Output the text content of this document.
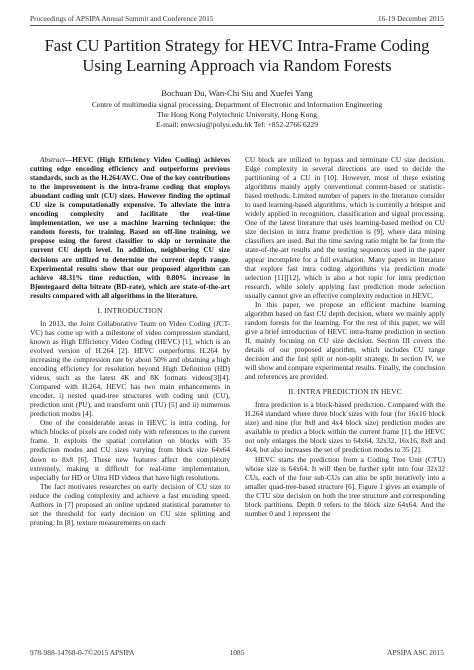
Proceedings of APSIPA Annual Summit and Conference 2015	16-19 December 2015
Fast CU Partition Strategy for HEVC Intra-Frame Coding
Using Learning Approach via Random Forests
Bochuan Du, Wan-Chi Siu and Xuefei Yang
Centre of multimedia signal processing, Department of Electronic and Information Engineering
The Hong Kong Polytechnic University, Hong Kong
E-mail: enwcsiu@polyu.edu.hk Tel: +852-2766 6229

Abstract—HEVC (High Efficiency Video Coding) achieves cutting edge encoding efficiency and outperforms previous standards, such as the H.264/AVC. One of the key contributions to the improvement is the intra-frame coding that employs abundant coding unit (CU) sizes. However finding the optimal CU size is computationally expensive. To alleviate the intra encoding complexity and facilitate the real-time implementation, we use a machine learning technique: the random forests, for training. Based on off-line training, we propose using the forest classifier to skip or terminate the current CU depth level. In addition, neighboring CU size decisions are utilized to determine the current depth range. Experimental results show that our proposed algorithm can achieve 48.31% time reduction, with 0.80% increase in Bjøntegaard delta bitrate (BD-rate), which are state-of-the-art results compared with all algorithms in the literature.

I. INTRODUCTION

In 2013, the Joint Collaborative Team on Video Coding (JCT-VC) has come up with a milestone of video compression standard, known as High Efficiency Video Coding (HEVC) [1], which is an evolved version of H.264 [2]. HEVC outperforms H.264 by increasing the compression rate by about 50% and obtaining a high encoding efficiency for resolution beyond High Definition (HD) videos, such as the latest 4K and 8K formats videos[3][4]. Compared with H.264, HEVC has two main enhancements in encoder, i) nested quad-tree structures with coding unit (CU), prediction unit (PU), and transform unit (TU) [5] and ii) numerous prediction modes [4].

One of the considerable areas in HEVC is intra coding, for which blocks of pixels are coded only with references to the current frame. It exploits the spatial correlation on blocks with 35 prediction modes and CU sizes varying from block size 64x64 down to 8x8 [6]. These new features affect the complexity extremely, making it difficult for real-time implementation, especially for HD or Ultra HD videos that have high resolutions.

The fact motivates researches on early decision of CU size to reduce the coding complexity and achieve a fast encoding speed. Authors in [7] proposed an online updated statistical parameter to set the threshold for early decision on CU size splitting and pruning. In [8], texture measurements on each

CU block are utilized to bypass and terminate CU size decision. Edge complexity in several directions are used to decide the partitioning of a CU in [10]. However, most of these existing algorithms mainly apply conventional content-based or statistic-based methods. Limited number of papers in the literature consider to used learning-based algorithms, which is currently a hotspot and widely applied in recognition, classification and signal processing. One of the latest literature that uses learning-based method on CU size decision in intra frame prediction is [9], where data mining classifiers are used. But the time saving ratio might be far from the state-of-the-art results and the testing sequences used in the paper appear incomplete for a full evaluation. Many papers in literature that explore fast intra coding algorithms via prediction mode selection [11][12], which is also a hot topic for intra prediction research, while solely applying fast prediction mode selection usually cannot give an effective complexity reduction in HEVC.

In this paper, we propose an efficient machine learning algorithm based on fast CU depth decision, where we mainly apply random forests for the learning. For the rest of this paper, we will give a brief introduction of HEVC intra-frame prediction in section II, mainly focusing on CU size decision. Section III covers the details of our proposed algorithm, which includes CU range decision and the fast split or non-split strategy. In section IV, we will show and compare experimental results. Finally, the conclusion and references are provided.

II. INTRA PREDICTION IN HEVC

Intra prediction is a block-based prediction. Compared with the H.264 standard where three block sizes with four (for 16x16 block size) and nine (for 8x8 and 4x4 block size) prediction modes are available to predict a block within the current frame [1], the HEVC not only enlarges the block sizes to 64x64, 32x32, 16x16, 8x8 and 4x4, but also increases the set of prediction modes to 35 [2].

HEVC starts the prediction from a Coding Tree Unit (CTU) whose size is 64x64. It will then be further split into four 32x32 CUs, each of the four sub-CUs can also be split iteratively into a smaller quad-tree-based structure [6]. Figure 1 gives an example of the CTU size decision on both the tree structure and corresponding block partitions. Depth 0 refers to the block size 64x64. And the number 0 and 1 represent the

978-988-14768-0-7©2015 APSIPA	1085	APSIPA ASC 2015
